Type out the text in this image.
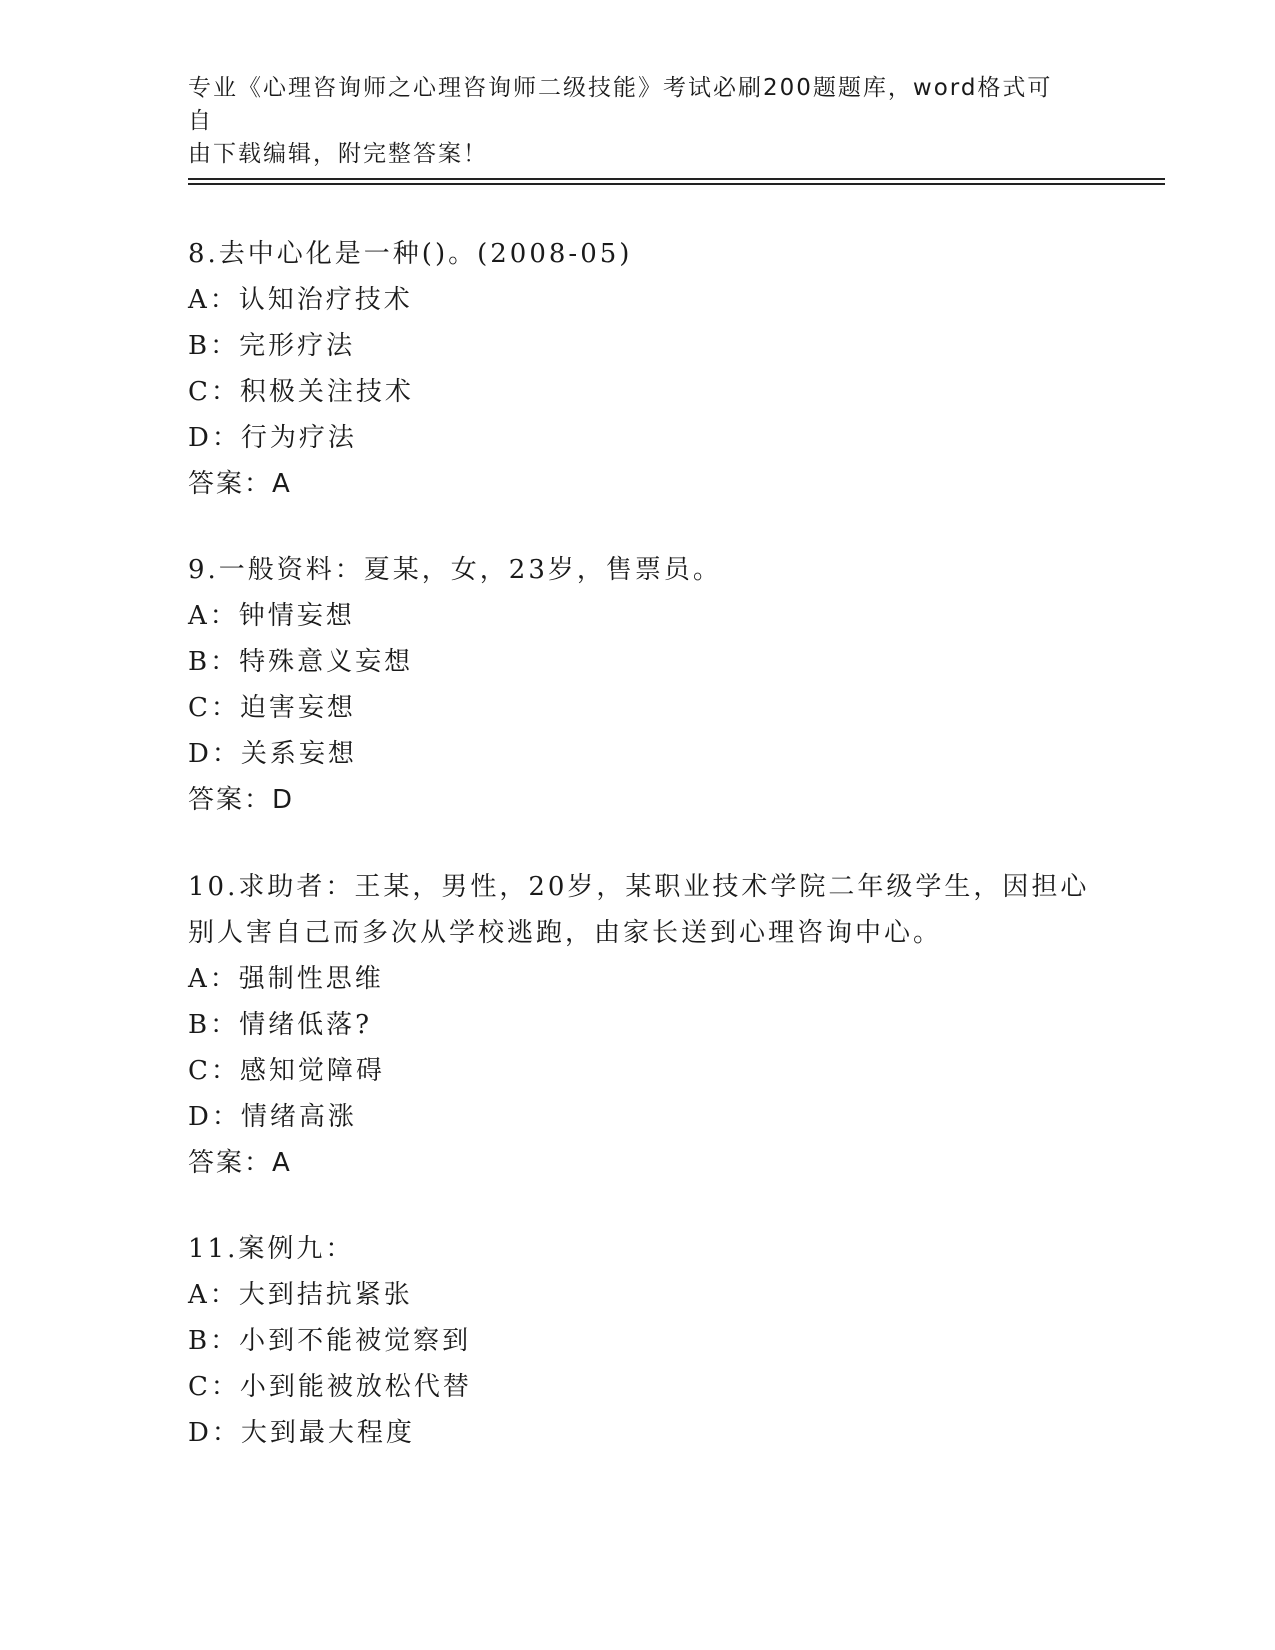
专业《心理咨询师之心理咨询师二级技能》考试必刷200题题库，word格式可自
由下载编辑，附完整答案！
8.去中心化是一种()。(2008-05)
A：认知治疗技术
B：完形疗法
C：积极关注技术
D：行为疗法
答案：A
9.一般资料：夏某，女，23岁，售票员。
A：钟情妄想
B：特殊意义妄想
C：迫害妄想
D：关系妄想
答案：D
10.求助者：王某，男性，20岁，某职业技术学院二年级学生，因担心
别人害自己而多次从学校逃跑，由家长送到心理咨询中心。
A：强制性思维
B：情绪低落?
C：感知觉障碍
D：情绪高涨
答案：A
11.案例九：
A：大到拮抗紧张
B：小到不能被觉察到
C：小到能被放松代替
D：大到最大程度
